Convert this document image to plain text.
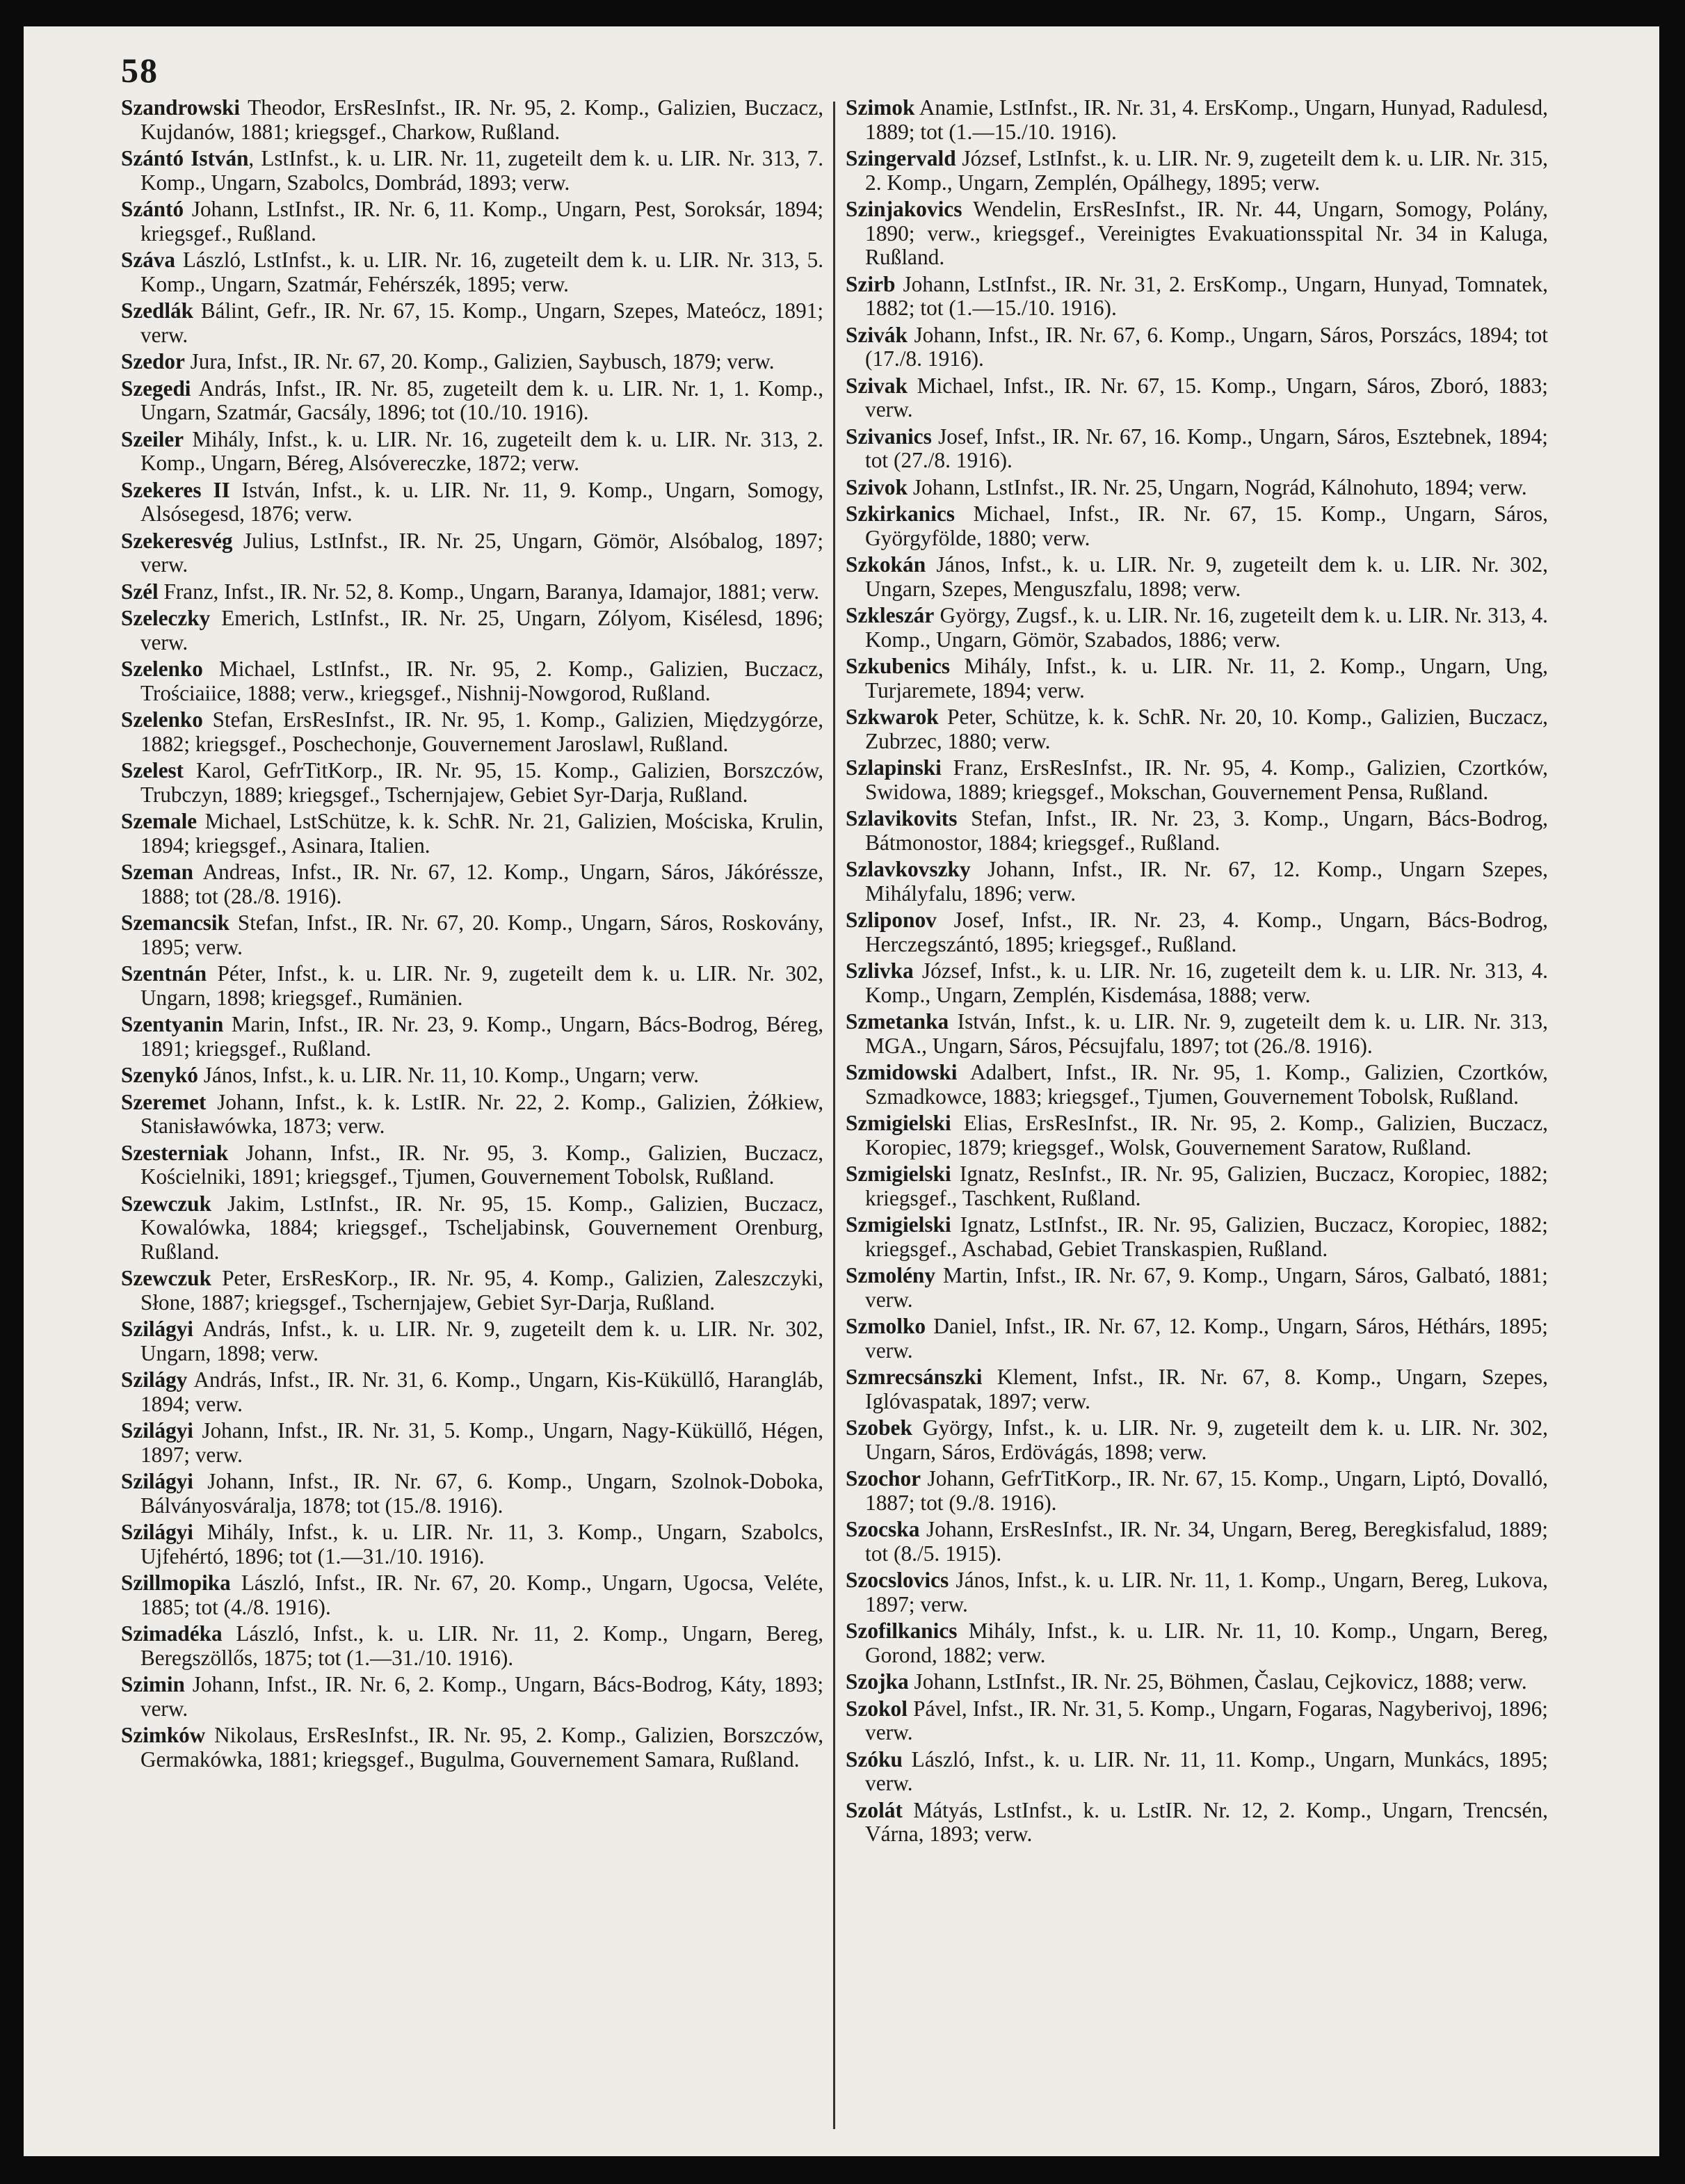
58

Szandrowski Theodor, ErsResInfst., IR. Nr. 95, 2. Komp., Galizien, Buczacz, Kujdanów, 1881; kriegsgef., Charkow, Rußland.

Szántó István, LstInfst., k. u. LIR. Nr. 11, zugeteilt dem k. u. LIR. Nr. 313, 7. Komp., Ungarn, Szabolcs, Dombrád, 1893; verw.

Szántó Johann, LstInfst., IR. Nr. 6, 11. Komp., Ungarn, Pest, Soroksár, 1894; kriegsgef., Rußland.

Száva László, LstInfst., k. u. LIR. Nr. 16, zugeteilt dem k. u. LIR. Nr. 313, 5. Komp., Ungarn, Szatmár, Fehérszék, 1895; verw.

Szedlák Bálint, Gefr., IR. Nr. 67, 15. Komp., Ungarn, Szepes, Mateócz, 1891; verw.

Szedor Jura, Infst., IR. Nr. 67, 20. Komp., Galizien, Saybusch, 1879; verw.

Szegedi András, Infst., IR. Nr. 85, zugeteilt dem k. u. LIR. Nr. 1, 1. Komp., Ungarn, Szatmár, Gacsály, 1896; tot (10./10. 1916).

Szeiler Mihály, Infst., k. u. LIR. Nr. 16, zugeteilt dem k. u. LIR. Nr. 313, 2. Komp., Ungarn, Béreg, Alsóvereczke, 1872; verw.

Szekeres II István, Infst., k. u. LIR. Nr. 11, 9. Komp., Ungarn, Somogy, Alsósegesd, 1876; verw.

Szekeresvég Julius, LstInfst., IR. Nr. 25, Ungarn, Gömör, Alsóbalog, 1897; verw.

Szél Franz, Infst., IR. Nr. 52, 8. Komp., Ungarn, Baranya, Idamajor, 1881; verw.

Szeleczky Emerich, LstInfst., IR. Nr. 25, Ungarn, Zólyom, Kisélesd, 1896; verw.

Szelenko Michael, LstInfst., IR. Nr. 95, 2. Komp., Galizien, Buczacz, Trościaiice, 1888; verw., kriegsgef., Nishnij-Nowgorod, Rußland.

Szelenko Stefan, ErsResInfst., IR. Nr. 95, 1. Komp., Galizien, Międzygórze, 1882; kriegsgef., Poschechonje, Gouvernement Jaroslawl, Rußland.

Szelest Karol, GefrTitKorp., IR. Nr. 95, 15. Komp., Galizien, Borszczów, Trubczyn, 1889; kriegsgef., Tschernjajew, Gebiet Syr-Darja, Rußland.

Szemale Michael, LstSchütze, k. k. SchR. Nr. 21, Galizien, Mościska, Krulin, 1894; kriegsgef., Asinara, Italien.

Szeman Andreas, Infst., IR. Nr. 67, 12. Komp., Ungarn, Sáros, Jákóréssze, 1888; tot (28./8. 1916).

Szemancsik Stefan, Infst., IR. Nr. 67, 20. Komp., Ungarn, Sáros, Roskovány, 1895; verw.

Szentnán Péter, Infst., k. u. LIR. Nr. 9, zugeteilt dem k. u. LIR. Nr. 302, Ungarn, 1898; kriegsgef., Rumänien.

Szentyanin Marin, Infst., IR. Nr. 23, 9. Komp., Ungarn, Bács-Bodrog, Béreg, 1891; kriegsgef., Rußland.

Szenykó János, Infst., k. u. LIR. Nr. 11, 10. Komp., Ungarn; verw.

Szeremet Johann, Infst., k. k. LstIR. Nr. 22, 2. Komp., Galizien, Żółkiew, Stanisławówka, 1873; verw.

Szesterniak Johann, Infst., IR. Nr. 95, 3. Komp., Galizien, Buczacz, Kościelniki, 1891; kriegsgef., Tjumen, Gouvernement Tobolsk, Rußland.

Szewczuk Jakim, LstInfst., IR. Nr. 95, 15. Komp., Galizien, Buczacz, Kowalówka, 1884; kriegsgef., Tscheljabinsk, Gouvernement Orenburg, Rußland.

Szewczuk Peter, ErsResKorp., IR. Nr. 95, 4. Komp., Galizien, Zaleszczyki, Słone, 1887; kriegsgef., Tschernjajew, Gebiet Syr-Darja, Rußland.

Szilágyi András, Infst., k. u. LIR. Nr. 9, zugeteilt dem k. u. LIR. Nr. 302, Ungarn, 1898; verw.

Szilágy András, Infst., IR. Nr. 31, 6. Komp., Ungarn, Kis-Küküllő, Harangláb, 1894; verw.

Szilágyi Johann, Infst., IR. Nr. 31, 5. Komp., Ungarn, Nagy-Küküllő, Hégen, 1897; verw.

Szilágyi Johann, Infst., IR. Nr. 67, 6. Komp., Ungarn, Szolnok-Doboka, Bálványosváralja, 1878; tot (15./8. 1916).

Szilágyi Mihály, Infst., k. u. LIR. Nr. 11, 3. Komp., Ungarn, Szabolcs, Ujfehértó, 1896; tot (1.—31./10. 1916).

Szillmopika László, Infst., IR. Nr. 67, 20. Komp., Ungarn, Ugocsa, Veléte, 1885; tot (4./8. 1916).

Szimadéka László, Infst., k. u. LIR. Nr. 11, 2. Komp., Ungarn, Bereg, Beregszöllős, 1875; tot (1.—31./10. 1916).

Szimin Johann, Infst., IR. Nr. 6, 2. Komp., Ungarn, Bács-Bodrog, Káty, 1893; verw.

Szimków Nikolaus, ErsResInfst., IR. Nr. 95, 2. Komp., Galizien, Borszczów, Germakówka, 1881; kriegsgef., Bugulma, Gouvernement Samara, Rußland.

Szimok Anamie, LstInfst., IR. Nr. 31, 4. ErsKomp., Ungarn, Hunyad, Radulesd, 1889; tot (1.—15./10. 1916).

Szingervald József, LstInfst., k. u. LIR. Nr. 9, zugeteilt dem k. u. LIR. Nr. 315, 2. Komp., Ungarn, Zemplén, Opálhegy, 1895; verw.

Szinjakovics Wendelin, ErsResInfst., IR. Nr. 44, Ungarn, Somogy, Polány, 1890; verw., kriegsgef., Vereinigtes Evakuationsspital Nr. 34 in Kaluga, Rußland.

Szirb Johann, LstInfst., IR. Nr. 31, 2. ErsKomp., Ungarn, Hunyad, Tomnatek, 1882; tot (1.—15./10. 1916).

Szivák Johann, Infst., IR. Nr. 67, 6. Komp., Ungarn, Sáros, Porszács, 1894; tot (17./8. 1916).

Szivak Michael, Infst., IR. Nr. 67, 15. Komp., Ungarn, Sáros, Zboró, 1883; verw.

Szivanics Josef, Infst., IR. Nr. 67, 16. Komp., Ungarn, Sáros, Esztebnek, 1894; tot (27./8. 1916).

Szivok Johann, LstInfst., IR. Nr. 25, Ungarn, Nográd, Kálnohuto, 1894; verw.

Szkirkanics Michael, Infst., IR. Nr. 67, 15. Komp., Ungarn, Sáros, Györgyfölde, 1880; verw.

Szkokán János, Infst., k. u. LIR. Nr. 9, zugeteilt dem k. u. LIR. Nr. 302, Ungarn, Szepes, Menguszfalu, 1898; verw.

Szkleszár György, Zugsf., k. u. LIR. Nr. 16, zugeteilt dem k. u. LIR. Nr. 313, 4. Komp., Ungarn, Gömör, Szabados, 1886; verw.

Szkubenics Mihály, Infst., k. u. LIR. Nr. 11, 2. Komp., Ungarn, Ung, Turjaremete, 1894; verw.

Szkwarok Peter, Schütze, k. k. SchR. Nr. 20, 10. Komp., Galizien, Buczacz, Zubrzec, 1880; verw.

Szlapinski Franz, ErsResInfst., IR. Nr. 95, 4. Komp., Galizien, Czortków, Swidowa, 1889; kriegsgef., Mokschan, Gouvernement Pensa, Rußland.

Szlavikovits Stefan, Infst., IR. Nr. 23, 3. Komp., Ungarn, Bács-Bodrog, Bátmonostor, 1884; kriegsgef., Rußland.

Szlavkovszky Johann, Infst., IR. Nr. 67, 12. Komp., Ungarn Szepes, Mihályfalu, 1896; verw.

Szliponov Josef, Infst., IR. Nr. 23, 4. Komp., Ungarn, Bács-Bodrog, Herczegszántó, 1895; kriegsgef., Rußland.

Szlivka József, Infst., k. u. LIR. Nr. 16, zugeteilt dem k. u. LIR. Nr. 313, 4. Komp., Ungarn, Zemplén, Kisdemása, 1888; verw.

Szmetanka István, Infst., k. u. LIR. Nr. 9, zugeteilt dem k. u. LIR. Nr. 313, MGA., Ungarn, Sáros, Pécsujfalu, 1897; tot (26./8. 1916).

Szmidowski Adalbert, Infst., IR. Nr. 95, 1. Komp., Galizien, Czortków, Szmadkowce, 1883; kriegsgef., Tjumen, Gouvernement Tobolsk, Rußland.

Szmigielski Elias, ErsResInfst., IR. Nr. 95, 2. Komp., Galizien, Buczacz, Koropiec, 1879; kriegsgef., Wolsk, Gouvernement Saratow, Rußland.

Szmigielski Ignatz, ResInfst., IR. Nr. 95, Galizien, Buczacz, Koropiec, 1882; kriegsgef., Taschkent, Rußland.

Szmigielski Ignatz, LstInfst., IR. Nr. 95, Galizien, Buczacz, Koropiec, 1882; kriegsgef., Aschabad, Gebiet Transkaspien, Rußland.

Szmolény Martin, Infst., IR. Nr. 67, 9. Komp., Ungarn, Sáros, Galbató, 1881; verw.

Szmolko Daniel, Infst., IR. Nr. 67, 12. Komp., Ungarn, Sáros, Héthárs, 1895; verw.

Szmrecsánszki Klement, Infst., IR. Nr. 67, 8. Komp., Ungarn, Szepes, Iglóvaspatak, 1897; verw.

Szobek György, Infst., k. u. LIR. Nr. 9, zugeteilt dem k. u. LIR. Nr. 302, Ungarn, Sáros, Erdövágás, 1898; verw.

Szochor Johann, GefrTitKorp., IR. Nr. 67, 15. Komp., Ungarn, Liptó, Dovalló, 1887; tot (9./8. 1916).

Szocska Johann, ErsResInfst., IR. Nr. 34, Ungarn, Bereg, Beregkisfalud, 1889; tot (8./5. 1915).

Szocslovics János, Infst., k. u. LIR. Nr. 11, 1. Komp., Ungarn, Bereg, Lukova, 1897; verw.

Szofilkanics Mihály, Infst., k. u. LIR. Nr. 11, 10. Komp., Ungarn, Bereg, Gorond, 1882; verw.

Szojka Johann, LstInfst., IR. Nr. 25, Böhmen, Časlau, Cejkovicz, 1888; verw.

Szokol Pável, Infst., IR. Nr. 31, 5. Komp., Ungarn, Fogaras, Nagyberivoj, 1896; verw.

Szóku László, Infst., k. u. LIR. Nr. 11, 11. Komp., Ungarn, Munkács, 1895; verw.

Szolát Mátyás, LstInfst., k. u. LstIR. Nr. 12, 2. Komp., Ungarn, Trencsén, Várna, 1893; verw.
